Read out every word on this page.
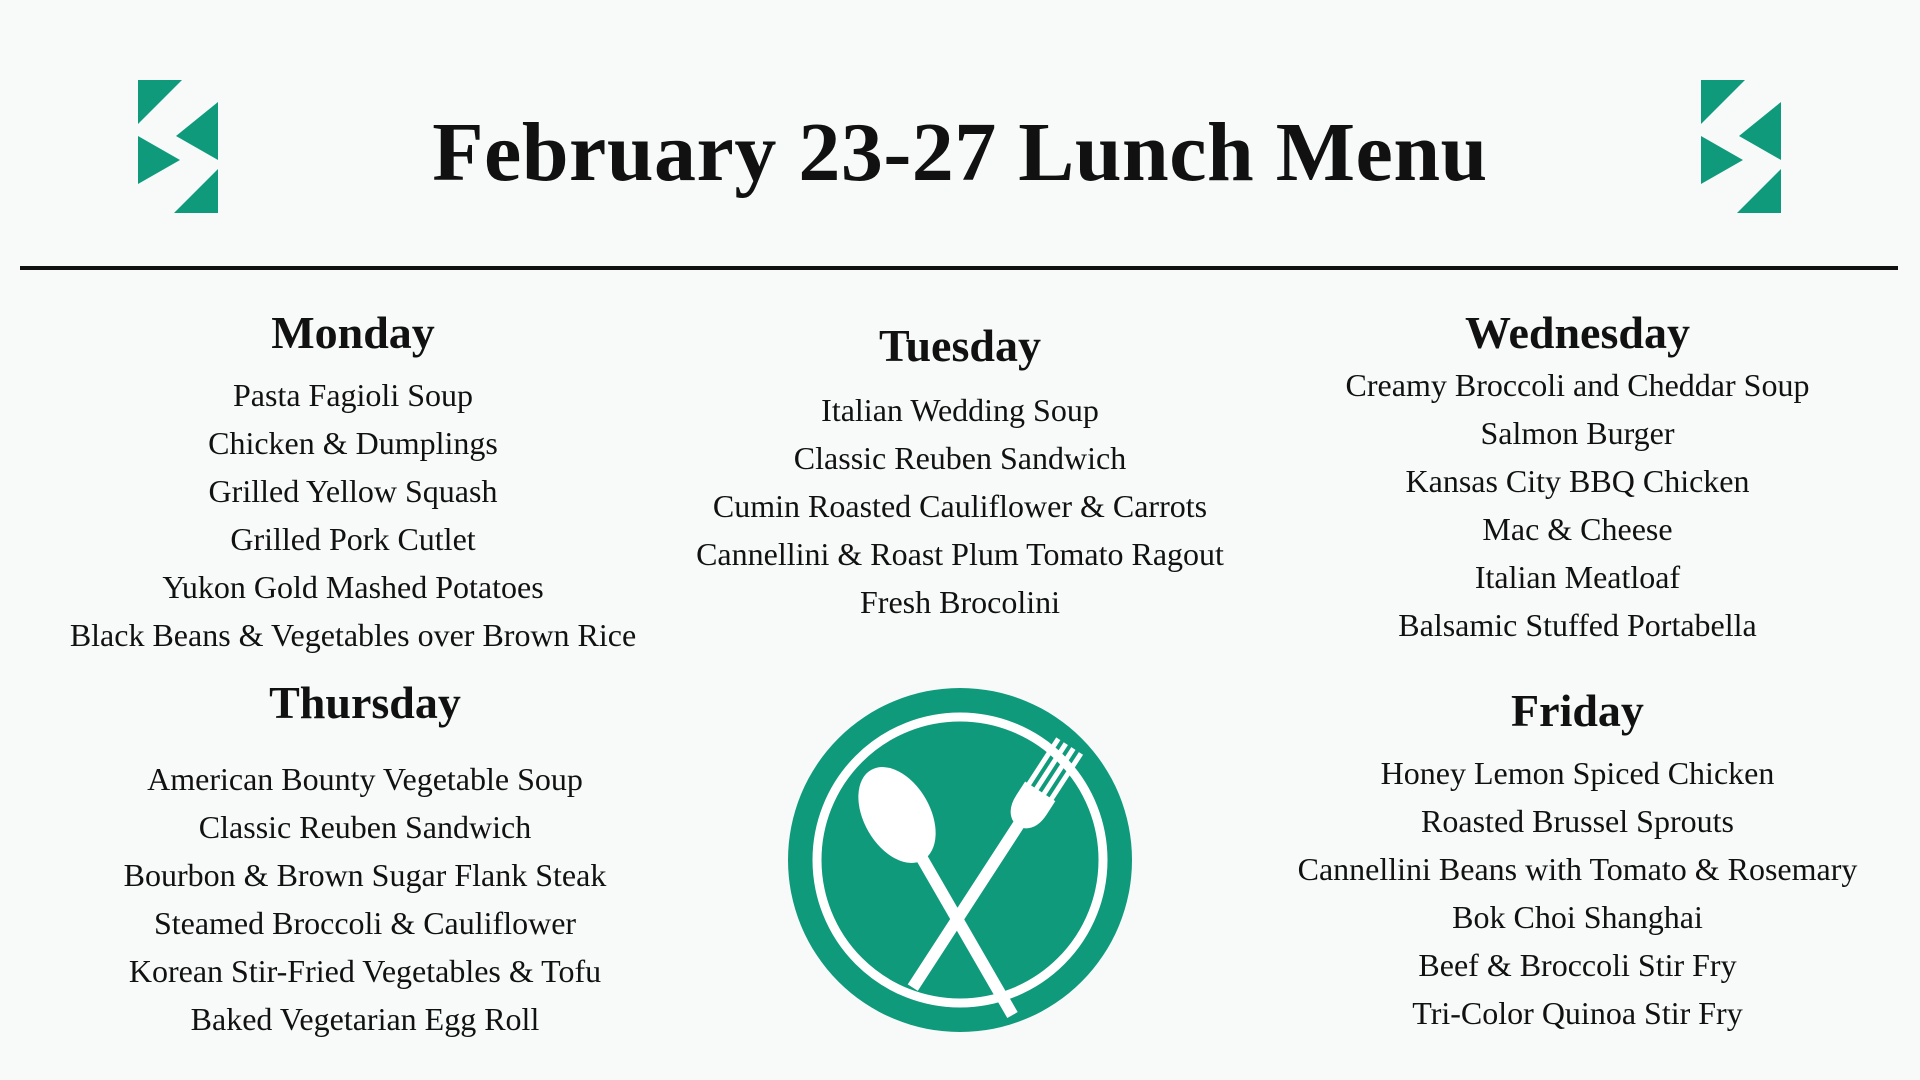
February 23-27 Lunch Menu
Monday
Pasta Fagioli Soup
Chicken & Dumplings
Grilled Yellow Squash
Grilled Pork Cutlet
Yukon Gold Mashed Potatoes
Black Beans & Vegetables over Brown Rice
Tuesday
Italian Wedding Soup
Classic Reuben Sandwich
Cumin Roasted Cauliflower & Carrots
Cannellini & Roast Plum Tomato Ragout
Fresh Brocolini
Wednesday
Creamy Broccoli and Cheddar Soup
Salmon Burger
Kansas City BBQ Chicken
Mac & Cheese
Italian Meatloaf
Balsamic Stuffed Portabella
Thursday
American Bounty Vegetable Soup
Classic Reuben Sandwich
Bourbon & Brown Sugar Flank Steak
Steamed Broccoli & Cauliflower
Korean Stir-Fried Vegetables & Tofu
Baked Vegetarian Egg Roll
Friday
Honey Lemon Spiced Chicken
Roasted Brussel Sprouts
Cannellini Beans with Tomato & Rosemary
Bok Choi Shanghai
Beef & Broccoli Stir Fry
Tri-Color Quinoa Stir Fry
